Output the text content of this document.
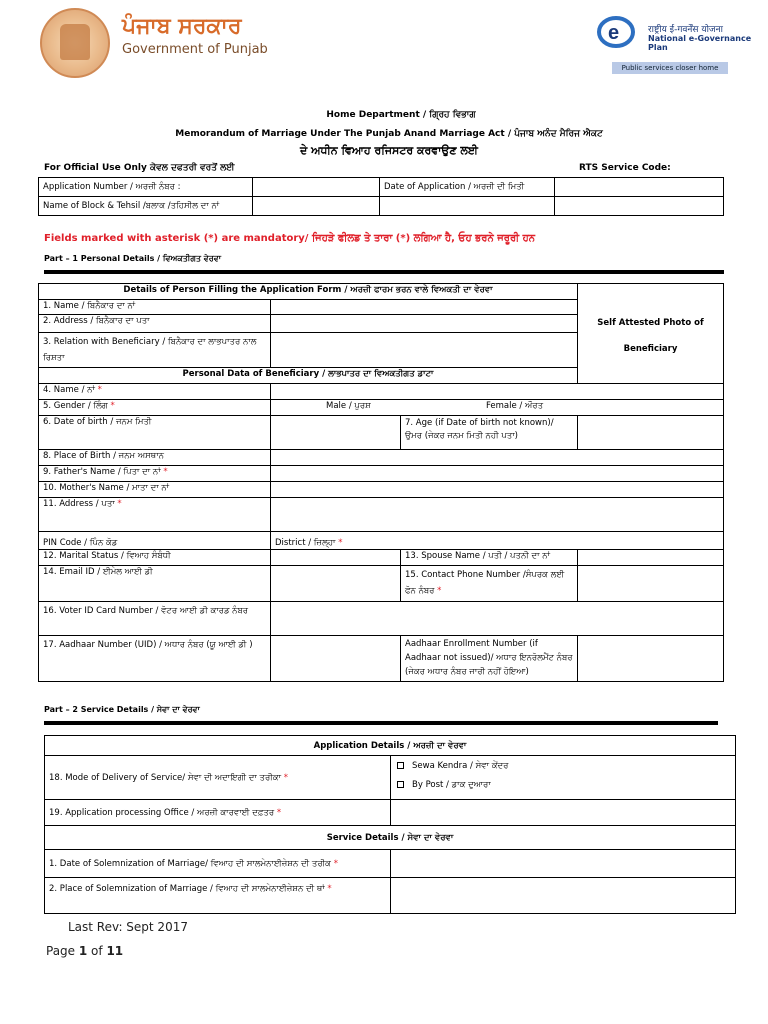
ਪੰਜਾਬ ਸਰਕਾਰ
Government of Punjab
e	राष्ट्रीय ई-गवर्नेंस योजना
National e-Governance Plan
Public services closer home
Home Department / ਗ੍ਰਿਹ ਵਿਭਾਗ
Memorandum of Marriage Under The Punjab Anand Marriage Act / ਪੰਜਾਬ ਅਨੰਦ ਮੈਰਿਜ ਐਕਟ
ਦੇ ਅਧੀਨ ਵਿਆਹ ਰਜਿਸਟਰ ਕਰਵਾਉਣ ਲਈ
For Official Use Only ਕੇਵਲ ਦਫਤਰੀ ਵਰਤੋਂ ਲਈ	RTS Service Code:
Application Number / ਅਰਜ਼ੀ ਨੰਬਰ :		Date of Application / ਅਰਜ਼ੀ ਦੀ ਮਿਤੀ	
Name of Block & Tehsil /ਬਲਾਕ /ਤਹਿਸੀਲ ਦਾ ਨਾਂ			
Fields marked with asterisk (*) are mandatory/ ਜਿਹੜੇ ਫੀਲਡ ਤੇ ਤਾਰਾ (*) ਲਗਿਆ ਹੈ, ਓਹ ਭਰਨੇ ਜਰੂਰੀ ਹਨ
Part – 1 Personal Details / ਵਿਅਕਤੀਗਤ ਵੇਰਵਾ
Details of Person Filling the Application Form / ਅਰਜ਼ੀ ਫਾਰਮ ਭਰਨ ਵਾਲੇ ਵਿਅਕਤੀ ਦਾ ਵੇਰਵਾ			Self Attested Photo of
Beneficiary

1. Name / ਬਿਨੈਕਾਰ ਦਾ ਨਾਂ			
2. Address / ਬਿਨੈਕਾਰ ਦਾ ਪਤਾ			
3. Relation with Beneficiary / ਬਿਨੈਕਾਰ ਦਾ ਲਾਭਪਾਤਰ ਨਾਲ ਰਿਸ਼ਤਾ			
Personal Data of Beneficiary / ਲਾਭਪਾਤਰ ਦਾ ਵਿਅਕਤੀਗਤ ਡਾਟਾ			
4. Name / ਨਾਂ *			
5. Gender / ਲਿੰਗ *	Male / ਪੁਰਸ਼ Female / ਔਰਤ		

6. Date of birth / ਜਨਮ ਮਿਤੀ		7. Age (if Date of birth not known)/ ਉਮਰ (ਜੇਕਰ ਜਨਮ ਮਿਤੀ ਨਹੀ ਪਤਾ)	
8. Place of Birth / ਜਨਮ ਅਸਥਾਨ			
9. Father's Name / ਪਿਤਾ ਦਾ ਨਾਂ *			
10. Mother's Name / ਮਾਤਾ ਦਾ ਨਾਂ			
11. Address / ਪਤਾ *			
PIN Code / ਪਿੰਨ ਕੋਡ	District / ਜ਼ਿਲ੍ਹਾ *		

12. Marital Status / ਵਿਆਹ ਸੰਬੰਧੀ		13. Spouse Name / ਪਤੀ / ਪਤਨੀ ਦਾ ਨਾਂ	
14. Email ID / ਈਮੇਲ ਆਈ ਡੀ		15. Contact Phone Number /ਸੰਪਰਕ ਲਈ ਫੋਨ ਨੰਬਰ *	
16. Voter ID Card Number / ਵੋਟਰ ਆਈ ਡੀ ਕਾਰਡ ਨੰਬਰ			
17. Aadhaar Number (UID) / ਅਧਾਰ ਨੰਬਰ (ਯੂ ਆਈ ਡੀ )		Aadhaar Enrollment Number (if Aadhaar not issued)/ ਅਧਾਰ ਇਨਰੋਲਮੈਂਟ ਨੰਬਰ (ਜੇਕਰ ਅਧਾਰ ਨੰਬਰ ਜਾਰੀ ਨਹੀਂ ਹੋਇਆ)	
Part – 2 Service Details / ਸੇਵਾ ਦਾ ਵੇਰਵਾ
Application Details / ਅਰਜ਼ੀ ਦਾ ਵੇਰਵਾ	
18. Mode of Delivery of Service/ ਸੇਵਾ ਦੀ ਅਦਾਇਗੀ ਦਾ ਤਰੀਕਾ *	Sewa Kendra / ਸੇਵਾ ਕੇਂਦਰ
By Post / ਡਾਕ ਦੁਆਰਾ

19. Application processing Office / ਅਰਜ਼ੀ ਕਾਰਵਾਈ ਦਫ਼ਤਰ *	
Service Details / ਸੇਵਾ ਦਾ ਵੇਰਵਾ	
1. Date of Solemnization of Marriage/ ਵਿਆਹ ਦੀ ਸਾਲਮੇਨਾਈਜ਼ੇਸ਼ਨ ਦੀ ਤਰੀਕ *	
2. Place of Solemnization of Marriage / ਵਿਆਹ ਦੀ ਸਾਲਮੇਨਾਈਜ਼ੇਸ਼ਨ ਦੀ ਥਾਂ *	
Last Rev: Sept 2017
Page 1 of 11
